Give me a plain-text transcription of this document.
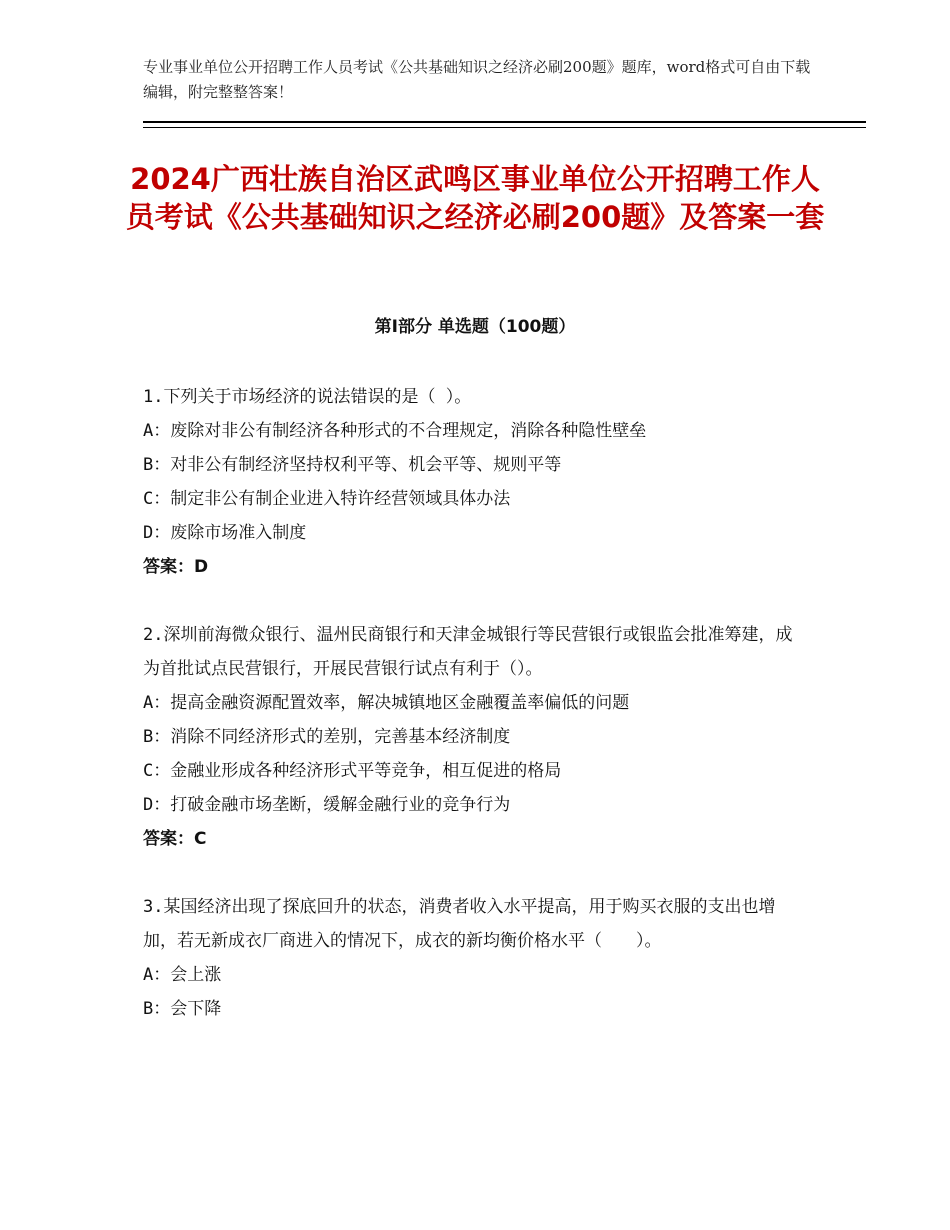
专业事业单位公开招聘工作人员考试《公共基础知识之经济必刷200题》题库，word格式可自由下载编辑，附完整整答案！
2024广西壮族自治区武鸣区事业单位公开招聘工作人员考试《公共基础知识之经济必刷200题》及答案一套
第Ⅰ部分 单选题（100题）
1.下列关于市场经济的说法错误的是（ ）。
A：废除对非公有制经济各种形式的不合理规定，消除各种隐性壁垒
B：对非公有制经济坚持权利平等、机会平等、规则平等
C：制定非公有制企业进入特许经营领域具体办法
D：废除市场准入制度
答案：D
2.深圳前海微众银行、温州民商银行和天津金城银行等民营银行或银监会批准筹建，成为首批试点民营银行，开展民营银行试点有利于（）。
A：提高金融资源配置效率，解决城镇地区金融覆盖率偏低的问题
B：消除不同经济形式的差别，完善基本经济制度
C：金融业形成各种经济形式平等竞争，相互促进的格局
D：打破金融市场垄断，缓解金融行业的竞争行为
答案：C
3.某国经济出现了探底回升的状态，消费者收入水平提高，用于购买衣服的支出也增加，若无新成衣厂商进入的情况下，成衣的新均衡价格水平（　　）。
A：会上涨
B：会下降
